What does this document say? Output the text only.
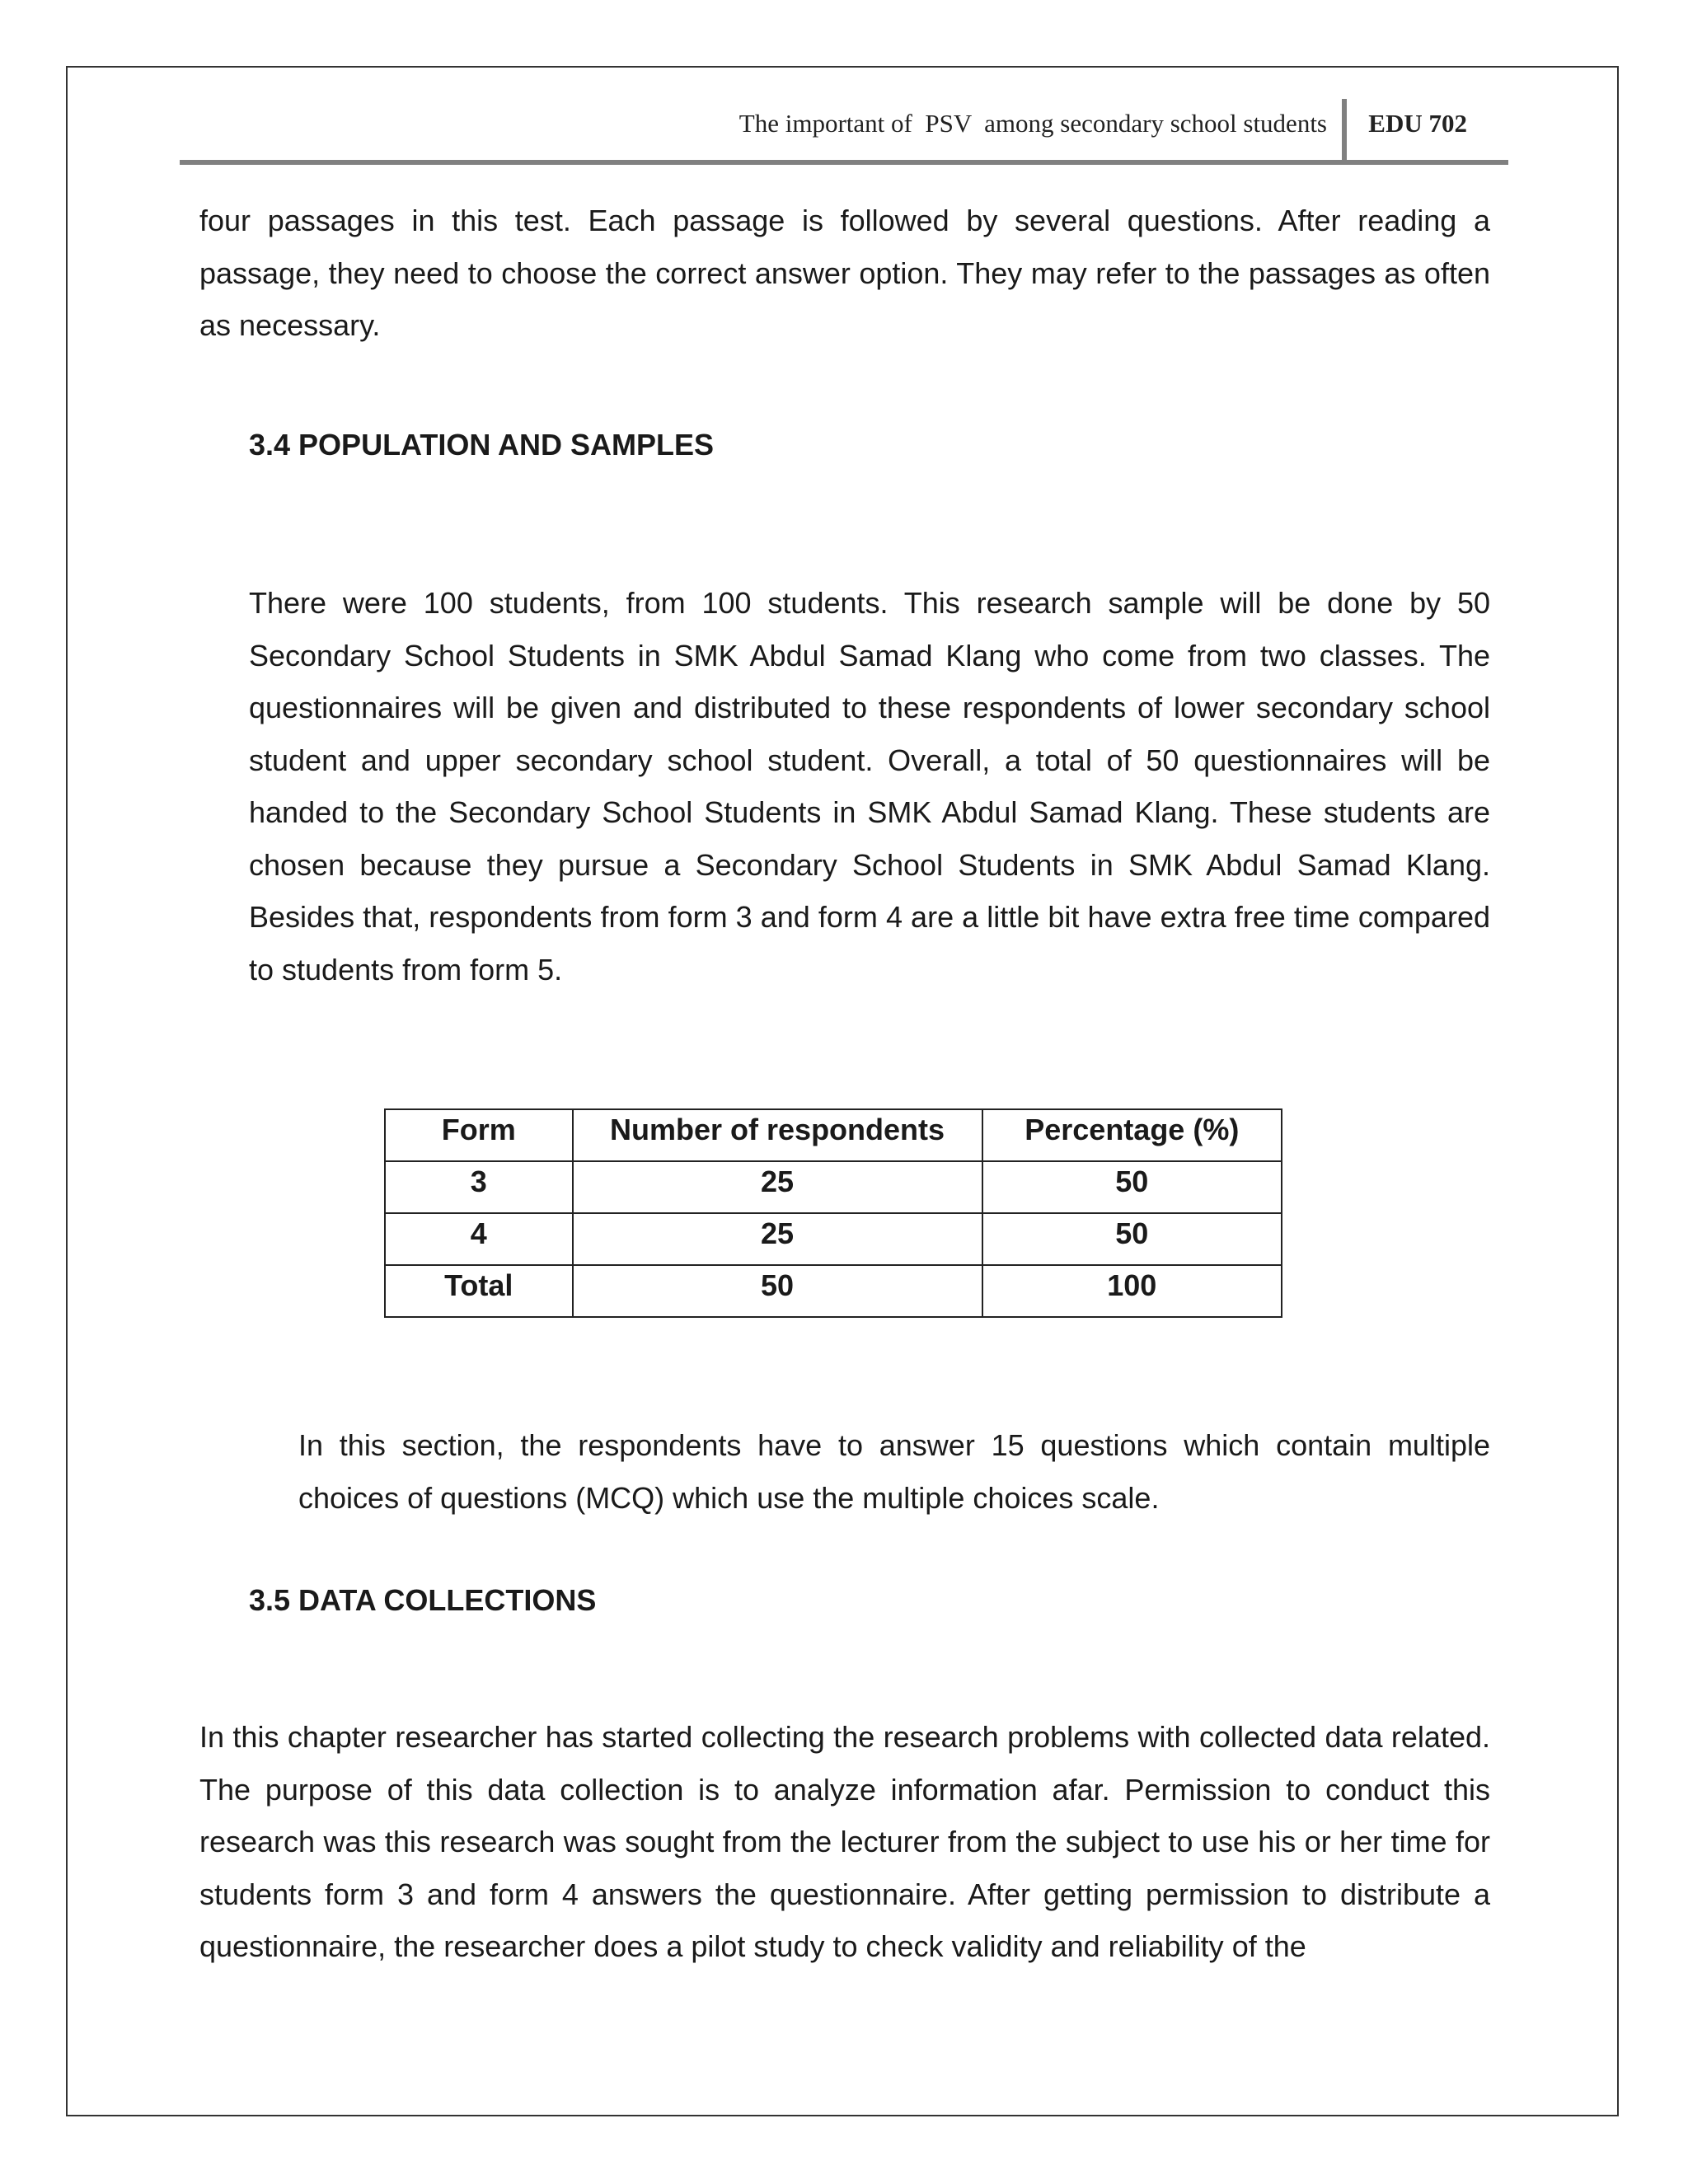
The important of  PSV  among secondary school students EDU 702

four passages in this test. Each passage is followed by several questions. After reading a passage, they need to choose the correct answer option. They may refer to the passages as often as necessary.

3.4 POPULATION AND SAMPLES

There were 100 students, from 100 students. This research sample will be done by 50 Secondary School Students in SMK Abdul Samad Klang who come from two classes. The questionnaires will be given and distributed to these respondents of lower secondary school student and upper secondary school student. Overall, a total of 50 questionnaires will be handed to the Secondary School Students in SMK Abdul Samad Klang. These students are chosen because they pursue a Secondary School Students in SMK Abdul Samad Klang. Besides that, respondents from form 3 and form 4 are a little bit have extra free time compared to students from form 5.

Form	Number of respondents	Percentage (%)
3	25	50
4	25	50
Total	50	100

In this section, the respondents have to answer 15 questions which contain multiple choices of questions (MCQ) which use the multiple choices scale.

3.5 DATA COLLECTIONS

In this chapter researcher has started collecting the research problems with collected data related. The purpose of this data collection is to analyze information afar. Permission to conduct this research was this research was sought from the lecturer from the subject to use his or her time for students form 3 and form 4 answers the questionnaire. After getting permission to distribute a questionnaire, the researcher does a pilot study to check validity and reliability of the
